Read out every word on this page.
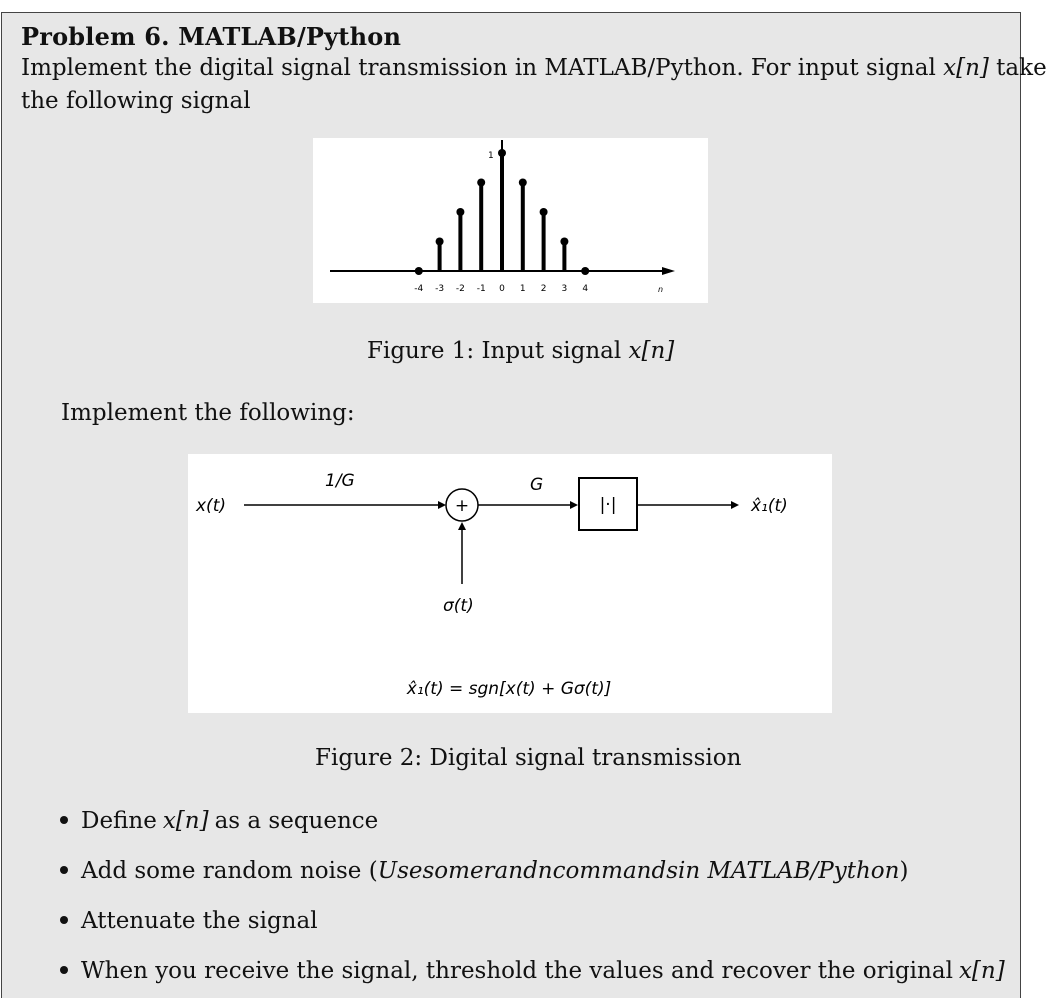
Problem 6. MATLAB/Python
Implement the digital signal transmission in MATLAB/Python. For input signal x[n] take
the following signal
1
n
-4 -3 -2 -1 0 1 2 3 4
Figure 1: Input signal x[n]
Implement the following:
x(t)
1/G
+
σ(t)
G
|·|	x̂₁(t)
x̂₁(t) = sgn[x(t) + Gσ(t)]
Figure 2: Digital signal transmission
Define x[n] as a sequence
Add some random noise ( Usesomerandncommandsin MATLAB/Python )
Attenuate the signal
When you receive the signal, threshold the values and recover the original x[n]
